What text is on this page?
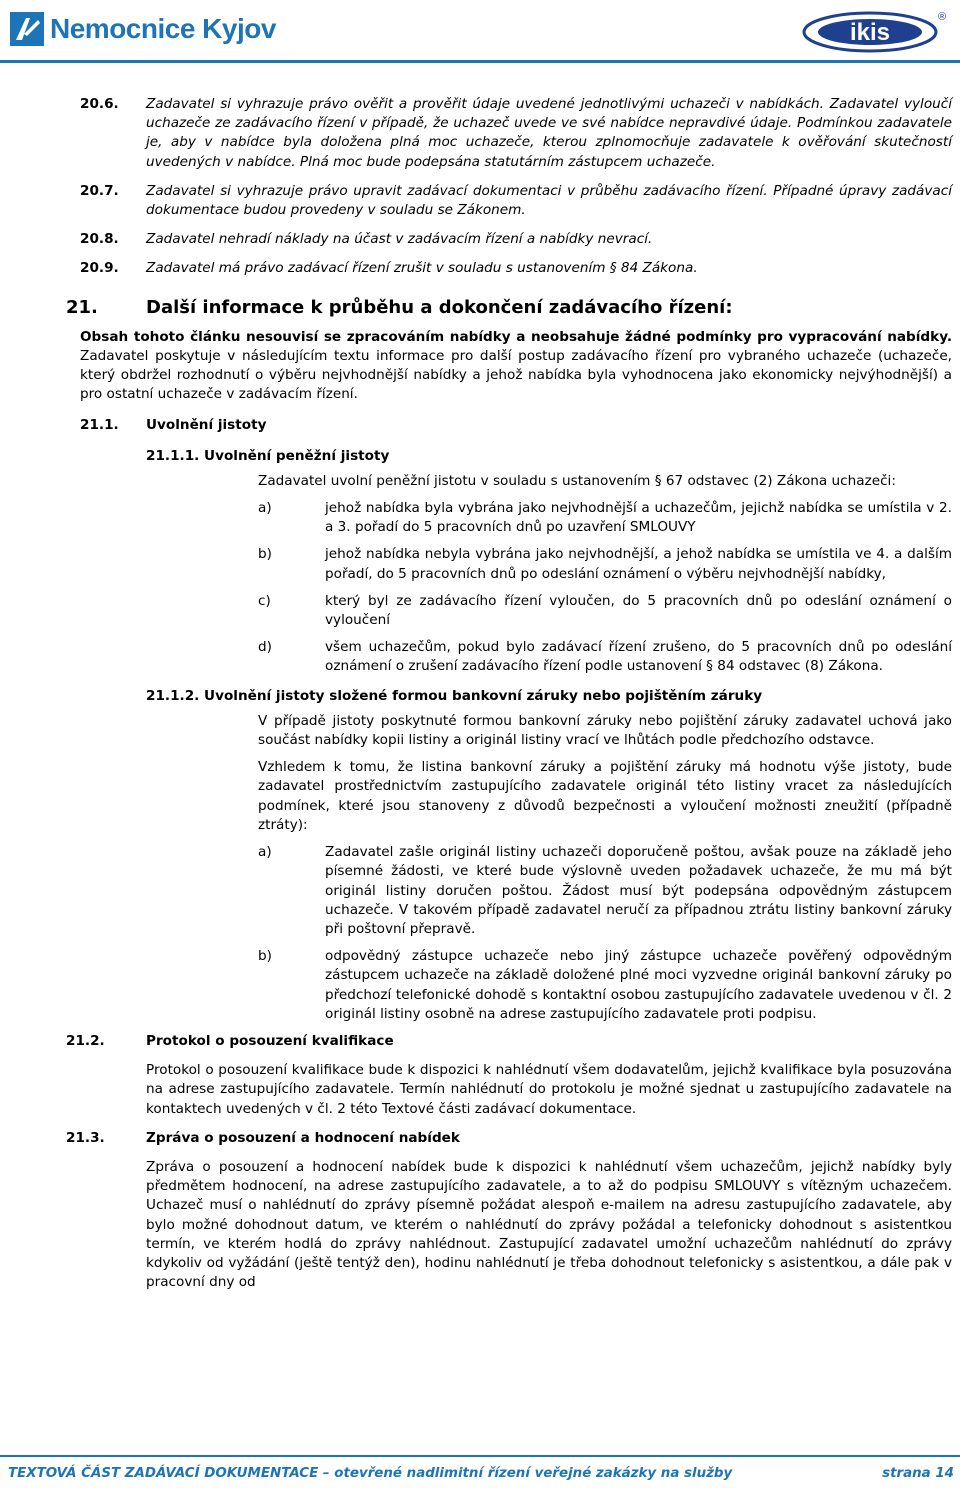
Nemocnice Kyjov	ikis
®
20.6.	Zadavatel si vyhrazuje právo ověřit a prověřit údaje uvedené jednotlivými uchazeči v nabídkách. Zadavatel vyloučí uchazeče ze zadávacího řízení v případě, že uchazeč uvede ve své nabídce nepravdivé údaje. Podmínkou zadavatele je, aby v nabídce byla doložena plná moc uchazeče, kterou zplnomocňuje zadavatele k ověřování skutečností uvedených v nabídce. Plná moc bude podepsána statutárním zástupcem uchazeče.
20.7.	Zadavatel si vyhrazuje právo upravit zadávací dokumentaci v průběhu zadávacího řízení. Případné úpravy zadávací dokumentace budou provedeny v souladu se Zákonem.
20.8.	Zadavatel nehradí náklady na účast v zadávacím řízení a nabídky nevrací.
20.9.	Zadavatel má právo zadávací řízení zrušit v souladu s ustanovením § 84 Zákona.
21.	Další informace k průběhu a dokončení zadávacího řízení:
Obsah tohoto článku nesouvisí se zpracováním nabídky a neobsahuje žádné podmínky pro vypracování nabídky. Zadavatel poskytuje v následujícím textu informace pro další postup zadávacího řízení pro vybraného uchazeče (uchazeče, který obdržel rozhodnutí o výběru nejvhodnější nabídky a jehož nabídka byla vyhodnocena jako ekonomicky nejvýhodnější) a pro ostatní uchazeče v zadávacím řízení.
21.1.	Uvolnění jistoty
21.1.1. Uvolnění peněžní jistoty
Zadavatel uvolní peněžní jistotu v souladu s ustanovením § 67 odstavec (2) Zákona uchazeči:
a)	jehož nabídka byla vybrána jako nejvhodnější a uchazečům, jejichž nabídka se umístila v 2. a 3. pořadí do 5 pracovních dnů po uzavření SMLOUVY
b)	jehož nabídka nebyla vybrána jako nejvhodnější, a jehož nabídka se umístila ve 4. a dalším pořadí, do 5 pracovních dnů po odeslání oznámení o výběru nejvhodnější nabídky,
c)	který byl ze zadávacího řízení vyloučen, do 5 pracovních dnů po odeslání oznámení o vyloučení
d)	všem uchazečům, pokud bylo zadávací řízení zrušeno, do 5 pracovních dnů po odeslání oznámení o zrušení zadávacího řízení podle ustanovení § 84 odstavec (8) Zákona.
21.1.2. Uvolnění jistoty složené formou bankovní záruky nebo pojištěním záruky
V případě jistoty poskytnuté formou bankovní záruky nebo pojištění záruky zadavatel uchová jako součást nabídky kopii listiny a originál listiny vrací ve lhůtách podle předchozího odstavce.
Vzhledem k tomu, že listina bankovní záruky a pojištění záruky má hodnotu výše jistoty, bude zadavatel prostřednictvím zastupujícího zadavatele originál této listiny vracet za následujících podmínek, které jsou stanoveny z důvodů bezpečnosti a vyloučení možnosti zneužití (případně ztráty):
a)	Zadavatel zašle originál listiny uchazeči doporučeně poštou, avšak pouze na základě jeho písemné žádosti, ve které bude výslovně uveden požadavek uchazeče, že mu má být originál listiny doručen poštou. Žádost musí být podepsána odpovědným zástupcem uchazeče. V takovém případě zadavatel neručí za případnou ztrátu listiny bankovní záruky při poštovní přepravě.
b)	odpovědný zástupce uchazeče nebo jiný zástupce uchazeče pověřený odpovědným zástupcem uchazeče na základě doložené plné moci vyzvedne originál bankovní záruky po předchozí telefonické dohodě s kontaktní osobou zastupujícího zadavatele uvedenou v čl. 2 originál listiny osobně na adrese zastupujícího zadavatele proti podpisu.
21.2.	Protokol o posouzení kvalifikace
Protokol o posouzení kvalifikace bude k dispozici k nahlédnutí všem dodavatelům, jejichž kvalifikace byla posuzována na adrese zastupujícího zadavatele. Termín nahlédnutí do protokolu je možné sjednat u zastupujícího zadavatele na kontaktech uvedených v čl. 2 této Textové části zadávací dokumentace.
21.3.	Zpráva o posouzení a hodnocení nabídek
Zpráva o posouzení a hodnocení nabídek bude k dispozici k nahlédnutí všem uchazečům, jejichž nabídky byly předmětem hodnocení, na adrese zastupujícího zadavatele, a to až do podpisu SMLOUVY s vítězným uchazečem. Uchazeč musí o nahlédnutí do zprávy písemně požádat alespoň e-mailem na adresu zastupujícího zadavatele, aby bylo možné dohodnout datum, ve kterém o nahlédnutí do zprávy požádal a telefonicky dohodnout s asistentkou termín, ve kterém hodlá do zprávy nahlédnout. Zastupující zadavatel umožní uchazečům nahlédnutí do zprávy kdykoliv od vyžádání (ještě tentýž den), hodinu nahlédnutí je třeba dohodnout telefonicky s asistentkou, a dále pak v pracovní dny od
TEXTOVÁ ČÁST ZADÁVACÍ DOKUMENTACE – otevřené nadlimitní řízení veřejné zakázky na služby	strana 14
